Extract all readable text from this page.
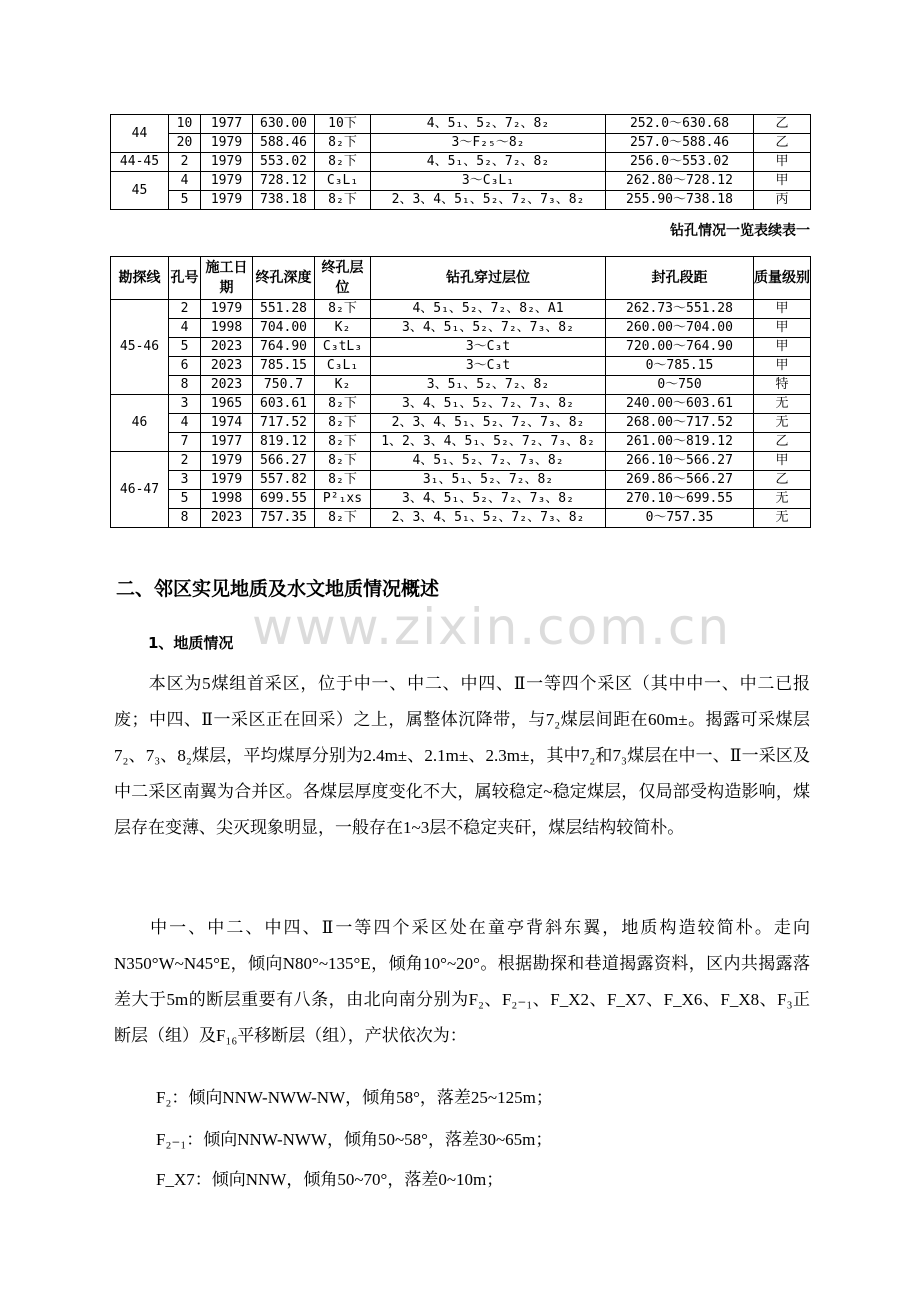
44	10	1977	630.00	10下	4、5₁、5₂、7₂、8₂	252.0～630.68	乙
	20	1979	588.46	8₂下	3～F₂₅～8₂	257.0～588.46	乙
44-45	2	1979	553.02	8₂下	4、5₁、5₂、7₂、8₂	256.0～553.02	甲
45	4	1979	728.12	C₃L₁	3～C₃L₁	262.80～728.12	甲
	5	1979	738.18	8₂下	2、3、4、5₁、5₂、7₂、7₃、8₂	255.90～738.18	丙
钻孔情况一览表续表一
勘探线	孔号	施工日期	终孔深度	终孔层位	钻孔穿过层位	封孔段距	质量级别
45-46	2	1979	551.28	8₂下	4、5₁、5₂、7₂、8₂、A1	262.73～551.28	甲
	4	1998	704.00	K₂	3、4、5₁、5₂、7₂、7₃、8₂	260.00～704.00	甲
	5	2023	764.90	C₃tL₃	3～C₃t	720.00～764.90	甲
	6	2023	785.15	C₃L₁	3～C₃t	0～785.15	甲
	8	2023	750.7	K₂	3、5₁、5₂、7₂、8₂	0～750	特
46	3	1965	603.61	8₂下	3、4、5₁、5₂、7₂、7₃、8₂	240.00～603.61	无
	4	1974	717.52	8₂下	2、3、4、5₁、5₂、7₂、7₃、8₂	268.00～717.52	无
	7	1977	819.12	8₂下	1、2、3、4、5₁、5₂、7₂、7₃、8₂	261.00～819.12	乙
46-47	2	1979	566.27	8₂下	4、5₁、5₂、7₂、7₃、8₂	266.10～566.27	甲
	3	1979	557.82	8₂下	3₁、5₁、5₂、7₂、8₂	269.86～566.27	乙
	5	1998	699.55	P²₁xs	3、4、5₁、5₂、7₂、7₃、8₂	270.10～699.55	无
	8	2023	757.35	8₂下	2、3、4、5₁、5₂、7₂、7₃、8₂	0～757.35	无
www.zixin.com.cn
二、邻区实见地质及水文地质情况概述
1、地质情况
本区为5煤组首采区，位于中一、中二、中四、Ⅱ一等四个采区（其中中一、中二已报废；中四、Ⅱ一采区正在回采）之上，属整体沉降带，与7₂煤层间距在60m±。揭露可采煤层7₂、7₃、8₂煤层，平均煤厚分别为2.4m±、2.1m±、2.3m±，其中7₂和7₃煤层在中一、Ⅱ一采区及中二采区南翼为合并区。各煤层厚度变化不大，属较稳定~稳定煤层，仅局部受构造影响，煤层存在变薄、尖灭现象明显，一般存在1~3层不稳定夹矸，煤层结构较简朴。
中一、中二、中四、Ⅱ一等四个采区处在童亭背斜东翼，地质构造较简朴。走向N350°W~N45°E，倾向N80°~135°E，倾角10°~20°。根据勘探和巷道揭露资料，区内共揭露落差大于5m的断层重要有八条，由北向南分别为F₂、F₂₋₁、F_X2、F_X7、F_X6、F_X8、F₃正断层（组）及F₁₆平移断层（组），产状依次为：
F₂：倾向NNW-NWW-NW，倾角58°，落差25~125m；
F₂₋₁：倾向NNW-NWW，倾角50~58°，落差30~65m；
F_X7：倾向NNW，倾角50~70°，落差0~10m；
